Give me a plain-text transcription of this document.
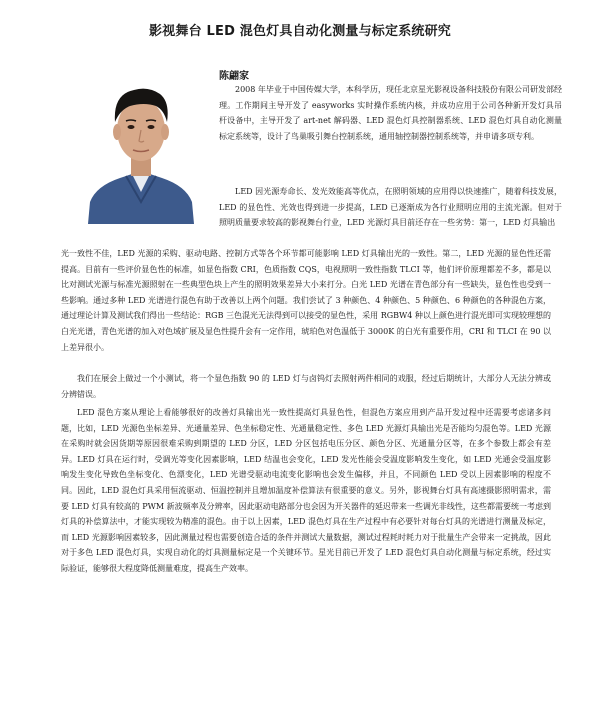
影视舞台 LED 混色灯具自动化测量与标定系统研究
陈翩家

2008 年毕业于中国传媒大学，本科学历，现任北京星光影视设备科技股份有限公司研发部经理。工作期间主导开发了 easyworks 实时操作系统内核，并成功应用于公司各种新开发灯具吊杆设备中，主导开发了 art-net 解码器、LED 混色灯具控制器系统、LED 混色灯具自动化测量标定系统等，设计了鸟巢吸引舞台控制系统，通用轴控制器控制系统等，并申请多项专利。

LED 因光源寿命长、发光效能高等优点，在照明领域的应用得以快速推广，随着科技发展，LED 的显色性、光效也得到进一步提高，LED 已逐渐成为各行业照明应用的主流光源。但对于照明质量要求较高的影视舞台行业，LED 光源灯具目前还存在一些劣势：第一，LED 灯具输出

光一致性不佳，LED 光源的采购、驱动电路、控制方式等各个环节都可能影响 LED 灯具输出光的一致性。第二，LED 光源的显色性还需提高。目前有一些评价显色性的标准，如显色指数 CRI，色质指数 CQS，电视照明一致性指数 TLCI 等，他们评价原理都差不多，都是以比对测试光源与标准光源照射在一些典型色块上产生的照明效果差异大小来打分。白光 LED 光谱在青色部分有一些缺失，显色性也受到一些影响。通过多种 LED 光谱进行混色有助于改善以上两个问题。我们尝试了 3 种颜色、4 种颜色、5 种颜色、6 种颜色的各种混色方案，通过理论计算及测试我们得出一些结论：RGB 三色混光无法得到可以接受的显色性，采用 RGBW4 种以上颜色进行混光即可实现较理想的白光光谱，青色光谱的加入对色域扩展及显色性提升会有一定作用，琥珀色对色温低于 3000K 的白光有重要作用，CRI 和 TLCI 在 90 以上差异很小。

我们在展会上做过一个小测试，将一个显色指数 90 的 LED 灯与卤钨灯去照射两件相同的戏服，经过后期统计，大部分人无法分辨或分辨错误。

LED 混色方案从理论上看能够很好的改善灯具输出光一致性提高灯具显色性，但混色方案应用到产品开发过程中还需要考虑诸多问题，比如，LED 光源色坐标差异、光通量差异、色坐标稳定性、光通量稳定性、多色 LED 光源灯具输出光是否能均匀混色等。LED 光源在采购时就会因货期等原因很难采购到期望的 LED 分区，LED 分区包括电压分区、颜色分区、光通量分区等，在多个参数上都会有差异。LED 灯具在运行时，受调光等变化因素影响，LED 结温也会变化，LED 发光性能会受温度影响发生变化，如 LED 光通会受温度影响发生变化导致色坐标变化、色漂变化，LED 光谱受驱动电流变化影响也会发生偏移，并且，不同颜色 LED 受以上因素影响的程度不同。因此，LED 混色灯具采用恒流驱动、恒温控制并且增加温度补偿算法有很重要的意义。另外，影视舞台灯具有高速摄影照明需求，需要 LED 灯具有较高的 PWM 新波频率及分辨率，因此驱动电路部分也会因为开关器件的延迟带来一些调光非线性，这些都需要统一考虑到灯具的补偿算法中，才能实现较为精准的混色。由于以上因素，LED 混色灯具在生产过程中有必要针对每台灯具的光谱进行测量及标定，而 LED 光源影响因素较多，因此测量过程也需要创造合适的条件并测试大量数据，测试过程耗时耗力对于批量生产会带来一定挑战，因此对于多色 LED 混色灯具，实现自动化的灯具测量标定是一个关键环节。星光目前已开发了 LED 混色灯具自动化测量与标定系统，经过实际验证，能够很大程度降低测量难度，提高生产效率。
